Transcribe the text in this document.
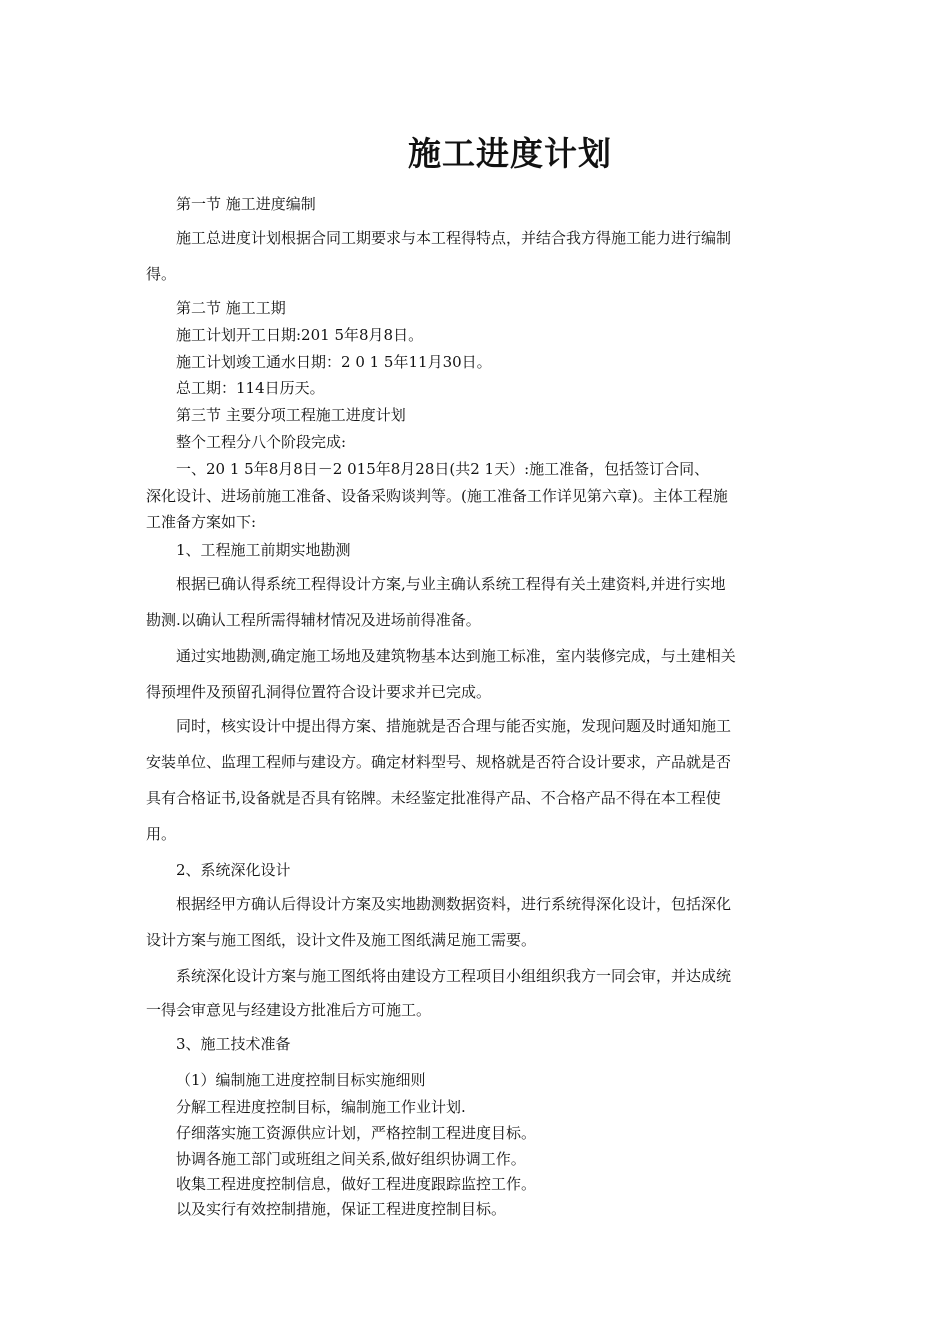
施工进度计划
第一节 施工进度编制
施工总进度计划根据合同工期要求与本工程得特点，并结合我方得施工能力进行编制
得。
第二节 施工工期
施工计划开工日期:201 5年8月8日。
施工计划竣工通水日期：2 0 1 5年11月30日。
总工期：114日历天。
第三节 主要分项工程施工进度计划
整个工程分八个阶段完成:
一、20 1 5年8月8日－2 015年8月28日(共2 1天）:施工准备，包括签订合同、
深化设计、进场前施工准备、设备采购谈判等。(施工准备工作详见第六章)。主体工程施
工准备方案如下:
1、工程施工前期实地勘测
根据已确认得系统工程得设计方案,与业主确认系统工程得有关土建资料,并进行实地
勘测.以确认工程所需得辅材情况及进场前得准备。
通过实地勘测,确定施工场地及建筑物基本达到施工标准，室内装修完成，与土建相关
得预埋件及预留孔洞得位置符合设计要求并已完成。
同时，核实设计中提出得方案、措施就是否合理与能否实施，发现问题及时通知施工
安装单位、监理工程师与建设方。确定材料型号、规格就是否符合设计要求，产品就是否
具有合格证书,设备就是否具有铭牌。未经鉴定批准得产品、不合格产品不得在本工程使
用。
2、系统深化设计
根据经甲方确认后得设计方案及实地勘测数据资料，进行系统得深化设计，包括深化
设计方案与施工图纸，设计文件及施工图纸满足施工需要。
系统深化设计方案与施工图纸将由建设方工程项目小组组织我方一同会审，并达成统
一得会审意见与经建设方批准后方可施工。
3、施工技术准备
（1）编制施工进度控制目标实施细则
分解工程进度控制目标，编制施工作业计划.
仔细落实施工资源供应计划，严格控制工程进度目标。
协调各施工部门或班组之间关系,做好组织协调工作。
收集工程进度控制信息，做好工程进度跟踪监控工作。
以及实行有效控制措施，保证工程进度控制目标。
